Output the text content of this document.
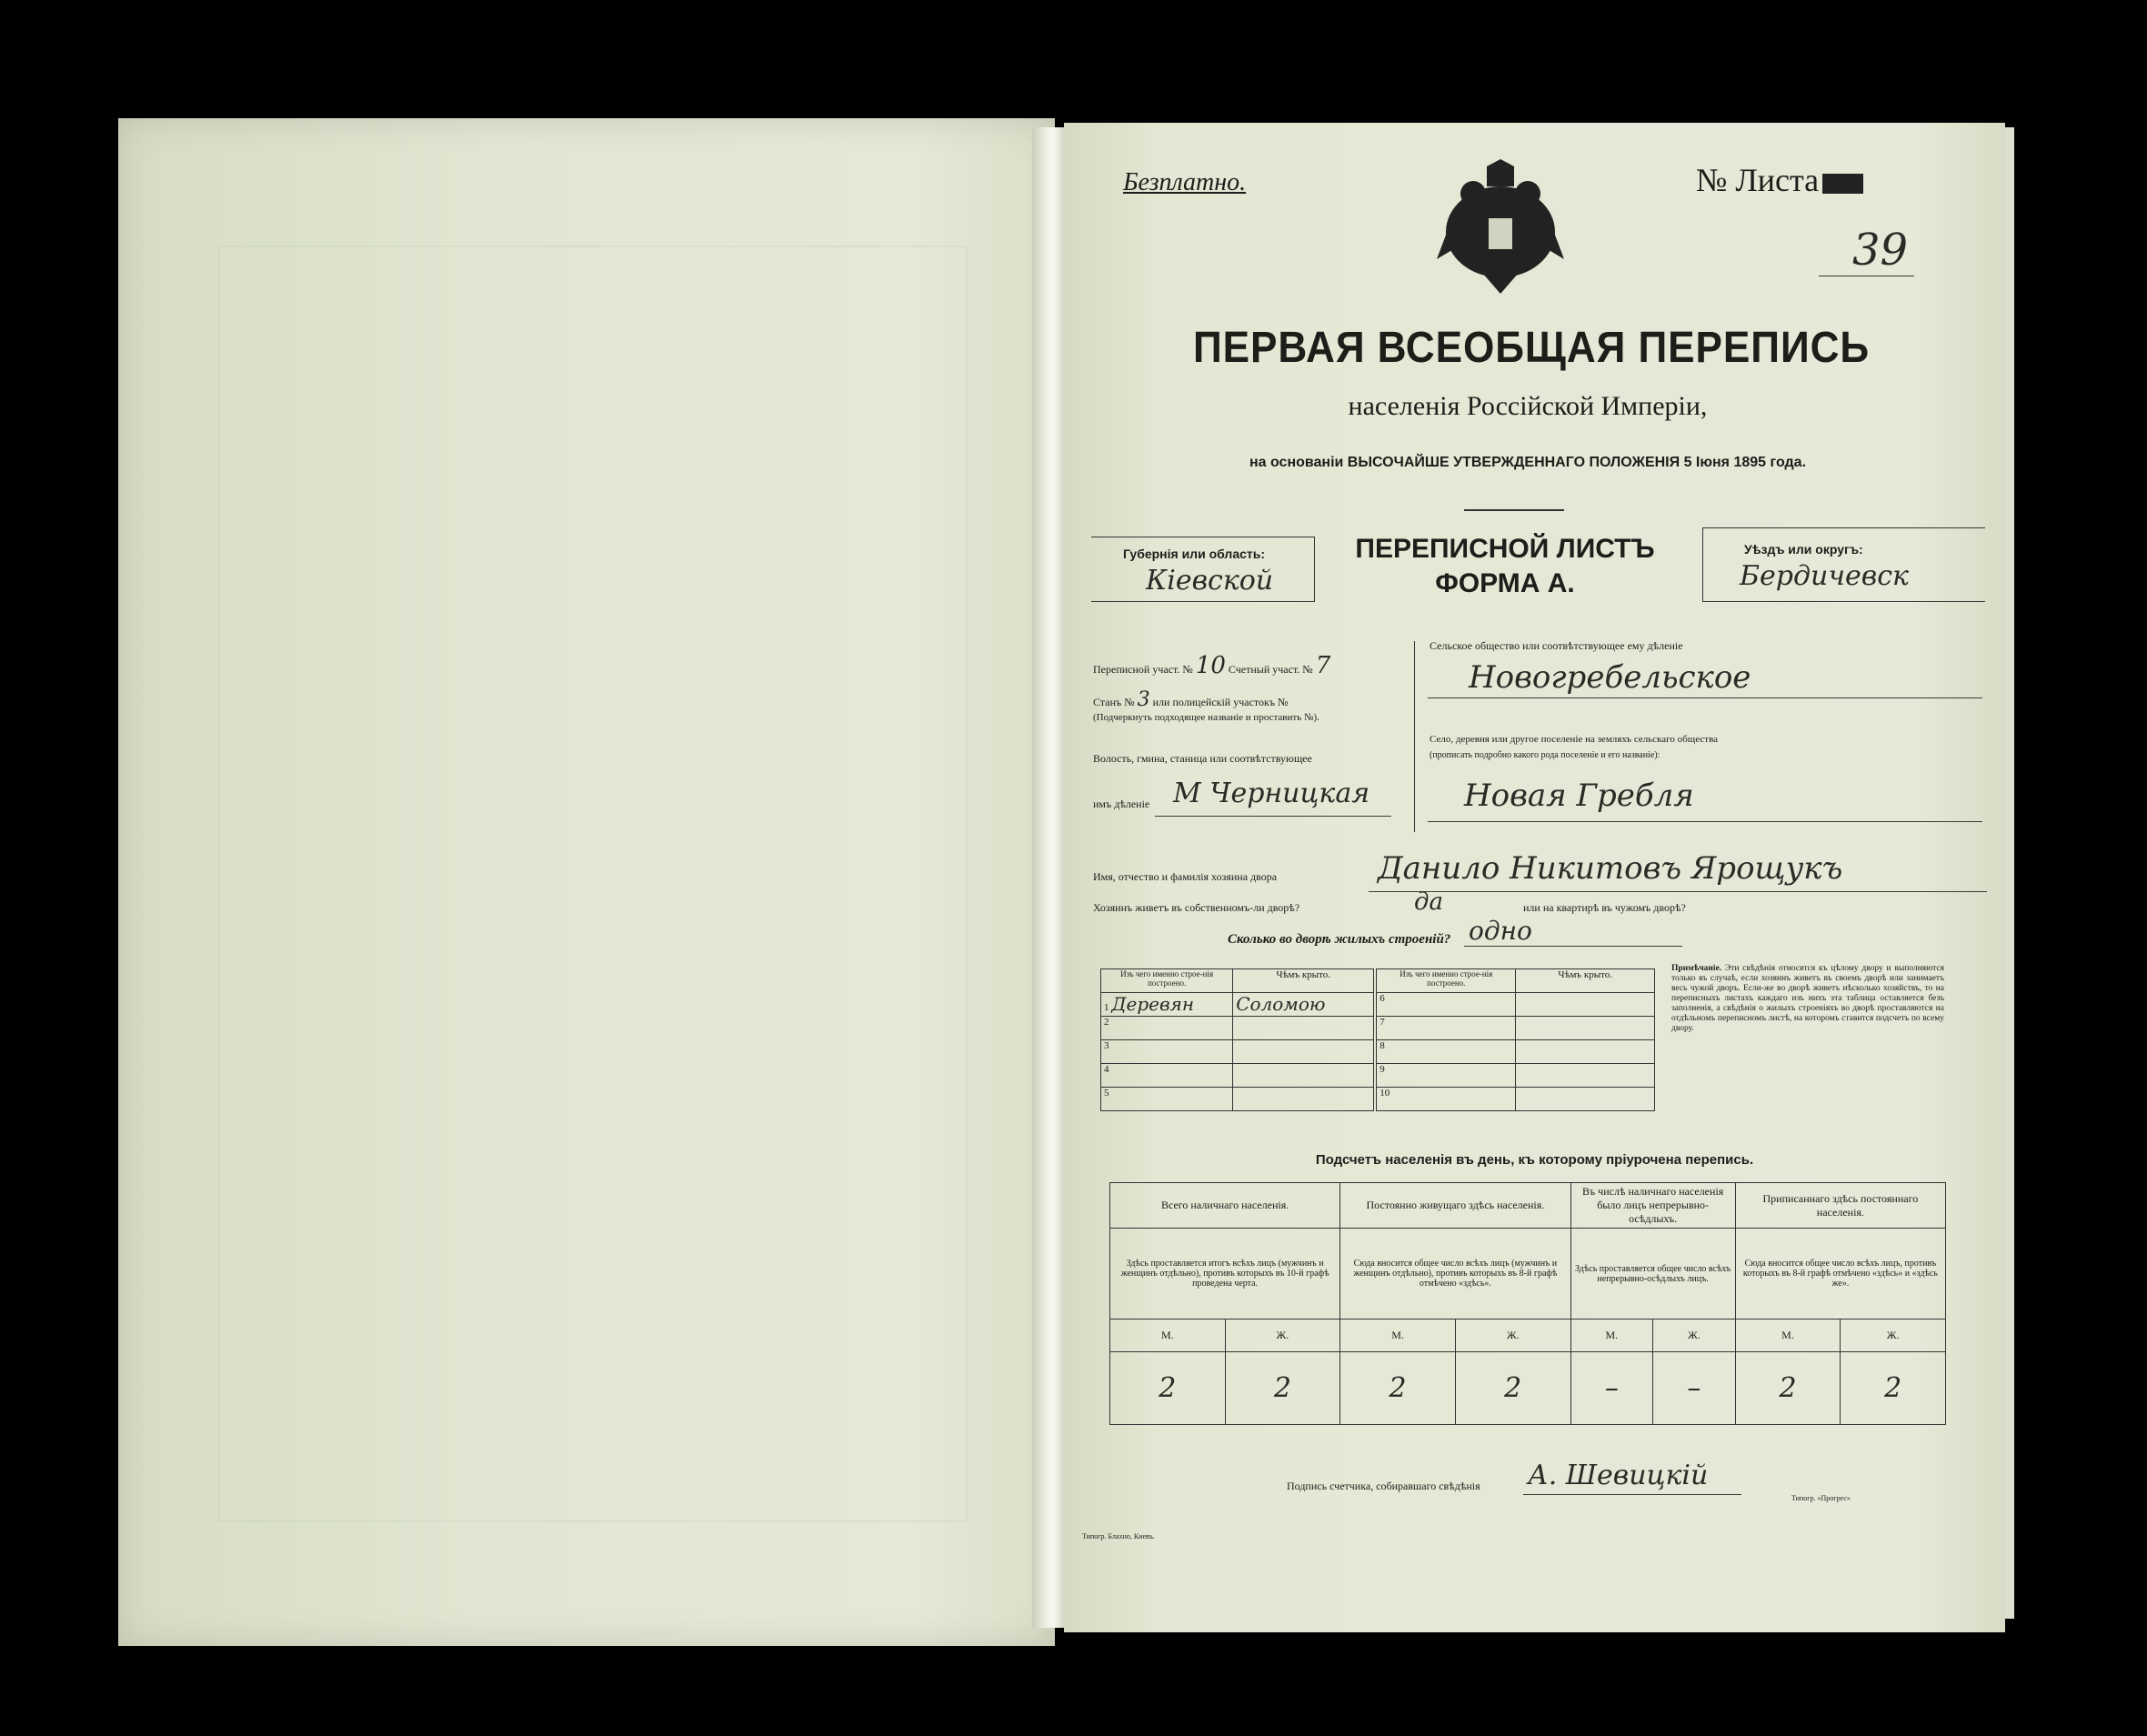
Безплатно.	№ Листа
39
ПЕРВАЯ ВСЕОБЩАЯ ПЕРЕПИСЬ
населенія Россійской Имперіи,
на основаніи ВЫСОЧАЙШЕ УТВЕРЖДЕННАГО ПОЛОЖЕНІЯ 5 Іюня 1895 года.
Губернія или область:
Кіевской
ПЕРЕПИСНОЙ ЛИСТЪ
ФОРМА А.
Уѣздъ или округъ:
Бердичевск
Переписной участ. № 10 Счетный участ. № 7
Станъ № 3 или полицейскій участокъ №
(Подчеркнуть подходящее названіе и проставить №).
Волость, гмина, станица или соотвѣтствующее
имъ дѣленіе М Черницкая
Сельское общество или соотвѣтствующее ему дѣленіе
Новогребельское
Село, деревня или другое поселеніе на земляхъ сельскаго общества
(прописать подробно какого рода поселеніе и его названіе):
Новая Гребля
Имя, отчество и фамилія хозяина двора	Данило Никитовъ Ярощукъ
Хозяинъ живетъ въ собственномъ-ли дворѣ?	да	или на квартирѣ въ чужомъ дворѣ?
Сколько во дворѣ жилыхъ строеній? одно
Изъ чего именно строе-нія построено.	Чѣмъ крыто.	Изъ чего именно строе-нія построено.	Чѣмъ крыто.
1 Деревян	Соломою	6	
2		7	
3		8	
4		9	
5		10	
Примѣчаніе. Эти свѣдѣнія относятся къ цѣлому двору и выполняются только въ случаѣ, если хозяинъ живетъ въ своемъ дворѣ или занимаетъ весь чужой дворъ. Если-же во дворѣ живетъ нѣсколько хозяйствъ, то на переписныхъ листахъ каждаго изъ нихъ эта таблица оставляется безъ заполненія, а свѣдѣнія о жилыхъ строеніяхъ во дворѣ проставляются на отдѣльномъ переписномъ листѣ, на которомъ ставится подсчетъ по всему двору.
Подсчетъ населенія въ день, къ которому пріурочена перепись.
Всего наличнаго населенія.		Постоянно живущаго здѣсь населенія.		Въ числѣ наличнаго населенія было лицъ непрерывно-осѣдлыхъ.		Приписаннаго здѣсь постояннаго населенія.	
Здѣсь проставляется итогъ всѣхъ лицъ (мужчинъ и женщинъ отдѣльно), противъ которыхъ въ 10-й графѣ проведена черта.		Сюда вносится общее число всѣхъ лицъ (мужчинъ и женщинъ отдѣльно), противъ которыхъ въ 8-й графѣ отмѣчено «здѣсь».		Здѣсь проставляется общее число всѣхъ непрерывно-осѣдлыхъ лицъ.		Сюда вносится общее число всѣхъ лицъ, противъ которыхъ въ 8-й графѣ отмѣчено «здѣсь» и «здѣсь же».	
М.	Ж.	М.	Ж.	М.	Ж.	М.	Ж.
2	2	2	2	–	–	2	2
Подпись счетчика, собиравшаго свѣдѣнія А. Шевицкій
Типогр. Блахно, Киевъ.
Типогр. «Прогрес»
